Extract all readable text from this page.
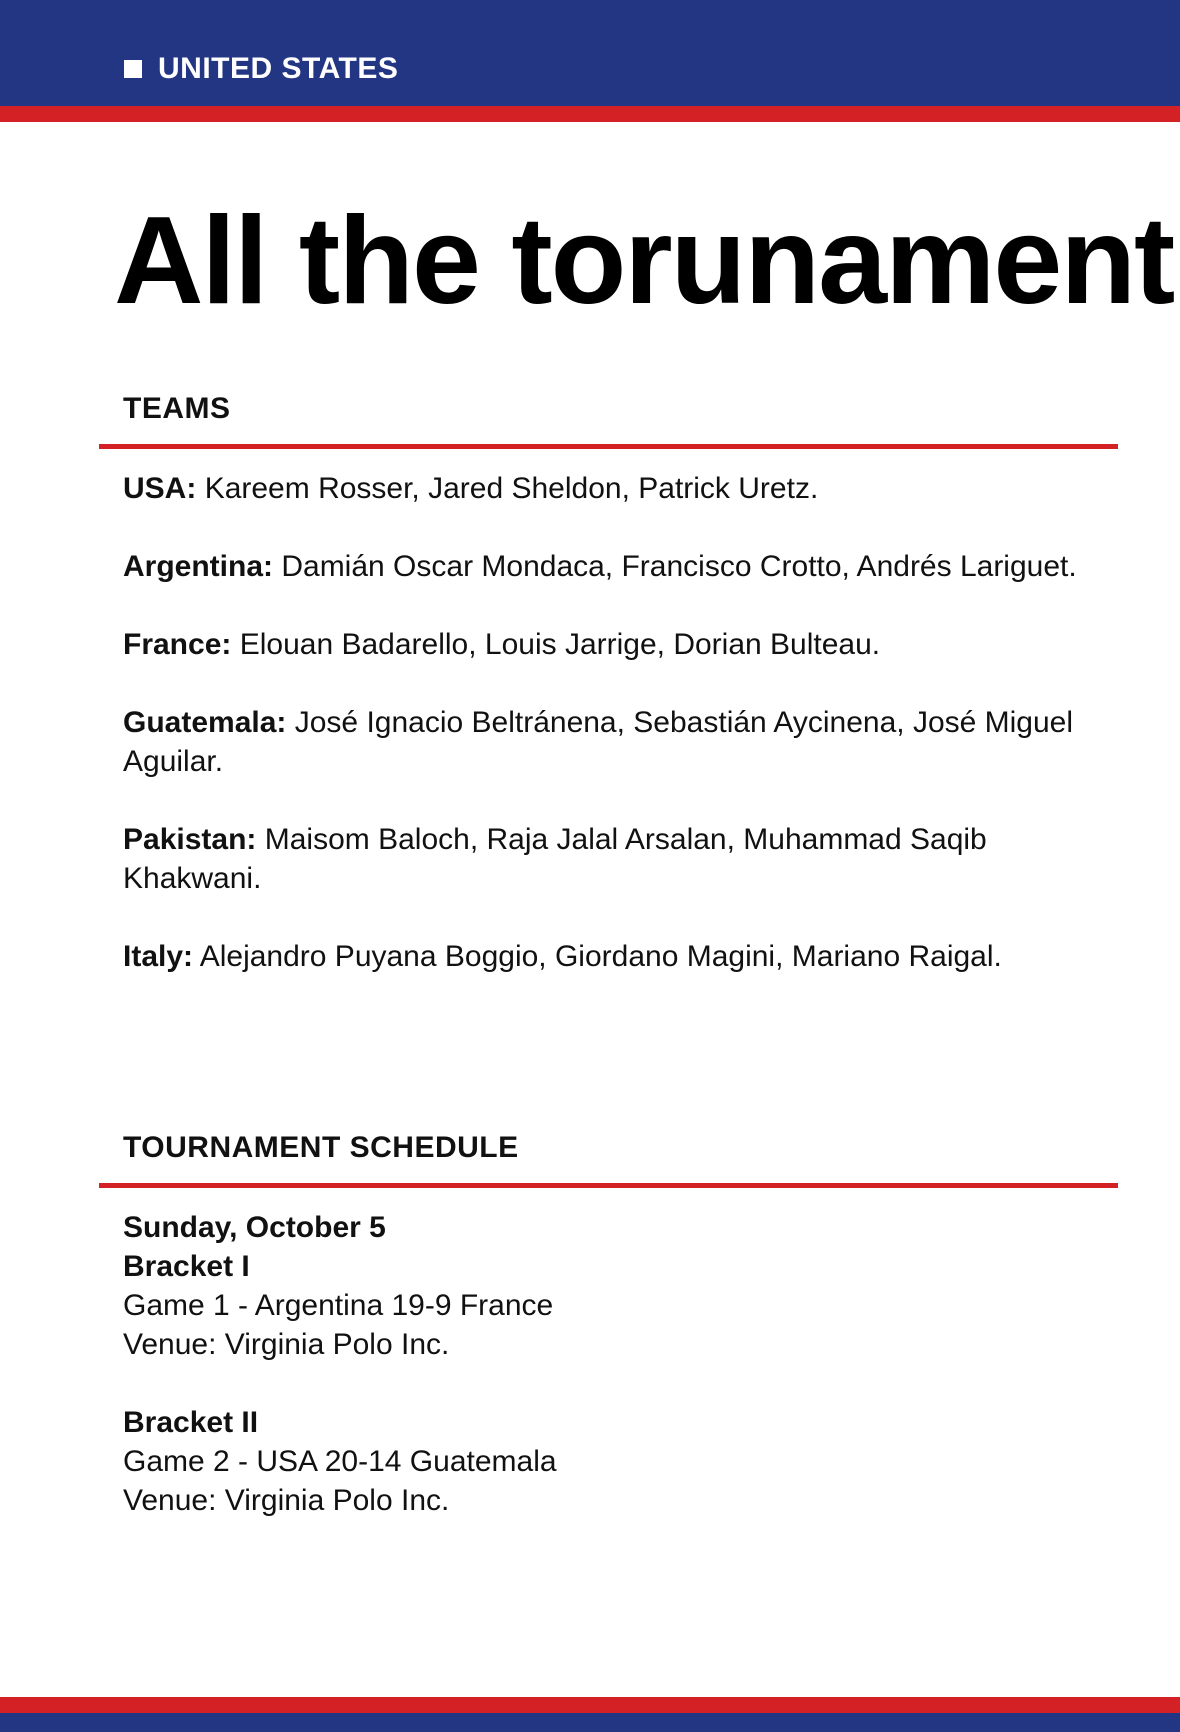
UNITED STATES
All the torunament
TEAMS
USA: Kareem Rosser, Jared Sheldon, Patrick Uretz.
Argentina: Damián Oscar Mondaca, Francisco Crotto, Andrés Lariguet.
France: Elouan Badarello, Louis Jarrige, Dorian Bulteau.
Guatemala: José Ignacio Beltránena, Sebastián Aycinena, José Miguel Aguilar.
Pakistan: Maisom Baloch, Raja Jalal Arsalan, Muhammad Saqib Khakwani.
Italy: Alejandro Puyana Boggio, Giordano Magini, Mariano Raigal.
TOURNAMENT SCHEDULE
Sunday, October 5
Bracket I
Game 1 - Argentina 19-9 France
Venue: Virginia Polo Inc.
Bracket II
Game 2 - USA 20-14 Guatemala
Venue: Virginia Polo Inc.
